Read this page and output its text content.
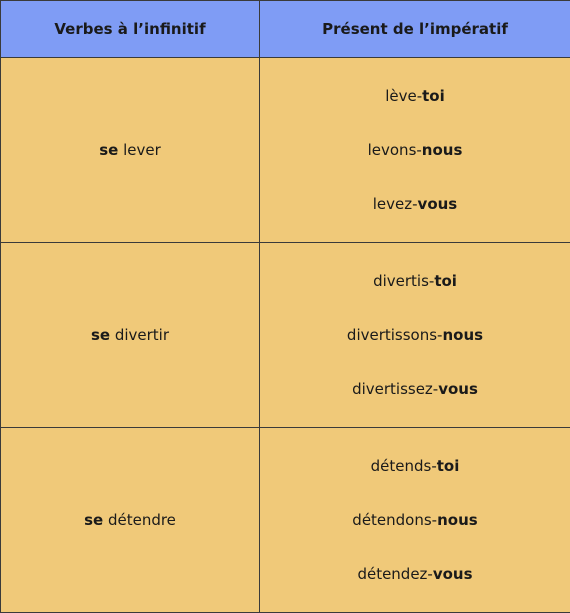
Verbes à l’infinitif	Présent de l’impératif
se lever	lève-toi
levons-nous
levez-vous

se divertir	divertis-toi
divertissons-nous
divertissez-vous

se détendre	détends-toi
détendons-nous
détendez-vous
